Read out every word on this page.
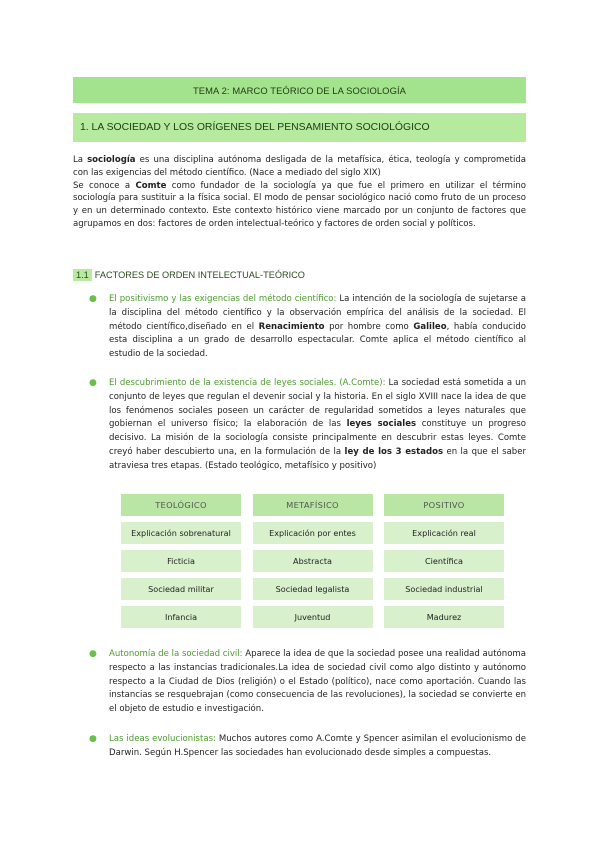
TEMA 2: MARCO TEÓRICO DE LA SOCIOLOGÍA
1. LA SOCIEDAD Y LOS ORÍGENES DEL PENSAMIENTO SOCIOLÓGICO
La sociología es una disciplina autónoma desligada de la metafísica, ética, teología y comprometida con las exigencias del método científico. (Nace a mediado del siglo XIX)
Se conoce a Comte como fundador de la sociología ya que fue el primero en utilizar el término sociología para sustituir a la física social. El modo de pensar sociológico nació como fruto de un proceso y en un determinado contexto. Este contexto histórico viene marcado por un conjunto de factores que agrupamos en dos: factores de orden intelectual-teórico y factores de orden social y políticos.
1.1 FACTORES DE ORDEN INTELECTUAL-TEÓRICO
● El positivismo y las exigencias del método científico: La intención de la sociología de sujetarse a la disciplina del método científico y la observación empírica del análisis de la sociedad. El método científico,diseñado en el Renacimiento por hombre como Galileo, había conducido esta disciplina a un grado de desarrollo espectacular. Comte aplica el método científico al estudio de la sociedad.
● El descubrimiento de la existencia de leyes sociales. (A.Comte): La sociedad está sometida a un conjunto de leyes que regulan el devenir social y la historia. En el siglo XVIII nace la idea de que los fenómenos sociales poseen un carácter de regularidad sometidos a leyes naturales que gobiernan el universo físico; la elaboración de las leyes sociales constituye un progreso decisivo. La misión de la sociología consiste principalmente en descubrir estas leyes. Comte creyó haber descubierto una, en la formulación de la ley de los 3 estados en la que el saber atraviesa tres etapas. (Estado teológico, metafísico y positivo)
TEOLÓGICO	METAFÍSICO	POSITIVO
Explicación sobrenatural	Explicación por entes	Explicación real
Ficticia	Abstracta	Científica
Sociedad militar	Sociedad legalista	Sociedad industrial
Infancia	Juventud	Madurez
● Autonomía de la sociedad civil: Aparece la idea de que la sociedad posee una realidad autónoma respecto a las instancias tradicionales.La idea de sociedad civil como algo distinto y autónomo respecto a la Ciudad de Dios (religión) o el Estado (político), nace como aportación. Cuando las instancias se resquebrajan (como consecuencia de las revoluciones), la sociedad se convierte en el objeto de estudio e investigación.
● Las ideas evolucionistas: Muchos autores como A.Comte y Spencer asimilan el evolucionismo de Darwin. Según H.Spencer las sociedades han evolucionado desde simples a compuestas.
